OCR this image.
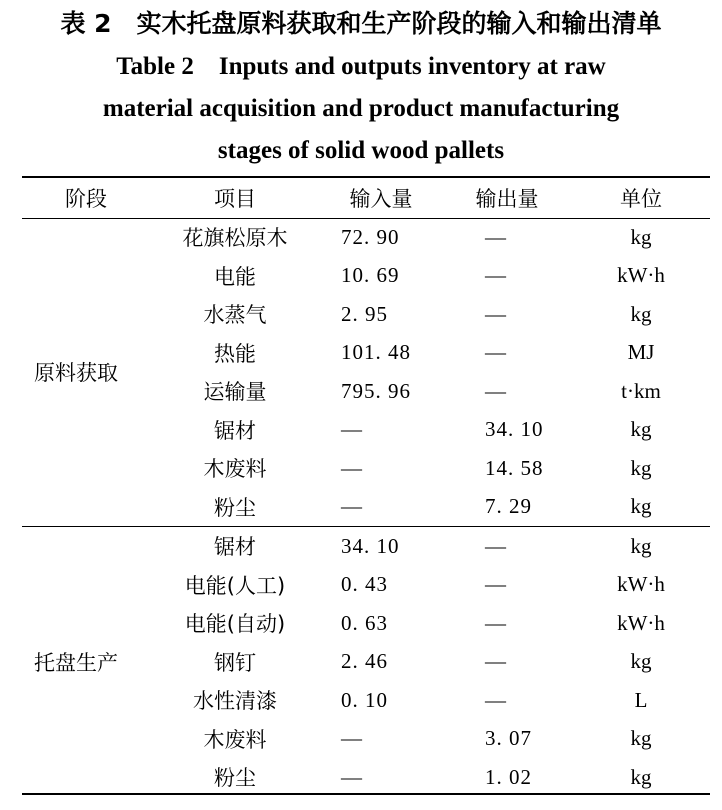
表 2　实木托盘原料获取和生产阶段的输入和输出清单
Table 2　Inputs and outputs inventory at raw
material acquisition and product manufacturing
stages of solid wood pallets
阶段	项目	输入量	输出量	单位
原料获取	花旗松原木	72. 90	—	kg
	电能	10. 69	—	kW·h
	水蒸气	2. 95	—	kg
	热能	101. 48	—	MJ
	运输量	795. 96	—	t·km
	锯材	—	34. 10	kg
	木废料	—	14. 58	kg
	粉尘	—	7. 29	kg
托盘生产	锯材	34. 10	—	kg
	电能(人工)	0. 43	—	kW·h
	电能(自动)	0. 63	—	kW·h
	钢钉	2. 46	—	kg
	水性清漆	0. 10	—	L
	木废料	—	3. 07	kg
	粉尘	—	1. 02	kg
